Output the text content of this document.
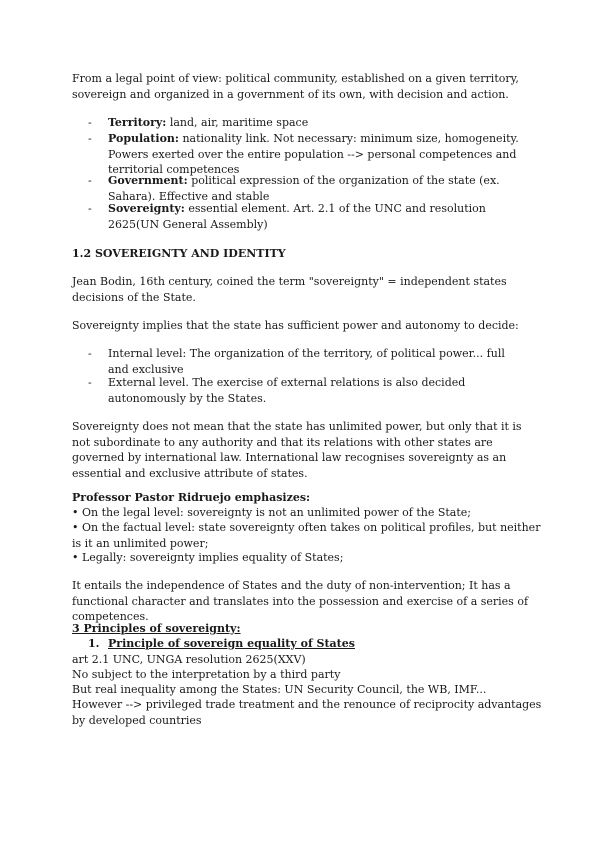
From a legal point of view: political community, established on a given territory, sovereign and organized in a government of its own, with decision and action.

-	Territory: land, air, maritime space
-	Population: nationality link. Not necessary: minimum size, homogeneity. Powers exerted over the entire population --> personal competences and territorial competences
-	Government: political expression of the organization of the state (ex. Sahara). Effective and stable
-	Sovereignty: essential element. Art. 2.1 of the UNC and resolution 2625(UN General Assembly)
1.2 SOVEREIGNTY AND IDENTITY
Jean Bodin, 16th century, coined the term "sovereignty" = independent states
decisions of the State.
Sovereignty implies that the state has sufficient power and autonomy to decide:
-	Internal level: The organization of the territory, of political power... full and exclusive
-	External level. The exercise of external relations is also decided autonomously by the States.

Sovereignty does not mean that the state has unlimited power, but only that it is not subordinate to any authority and that its relations with other states are governed by international law. International law recognises sovereignty as an essential and exclusive attribute of states.

Professor Pastor Ridruejo emphasizes:
• On the legal level: sovereignty is not an unlimited power of the State;
• On the factual level: state sovereignty often takes on political profiles, but neither is it an unlimited power;
• Legally: sovereignty implies equality of States;

It entails the independence of States and the duty of non-intervention; It has a functional character and translates into the possession and exercise of a series of competences.

3 Principles of sovereignty:
1. Principle of sovereign equality of States
art 2.1 UNC, UNGA resolution 2625(XXV)
No subject to the interpretation by a third party
But real inequality among the States: UN Security Council, the WB, IMF...
However --> privileged trade treatment and the renounce of reciprocity advantages by developed countries
